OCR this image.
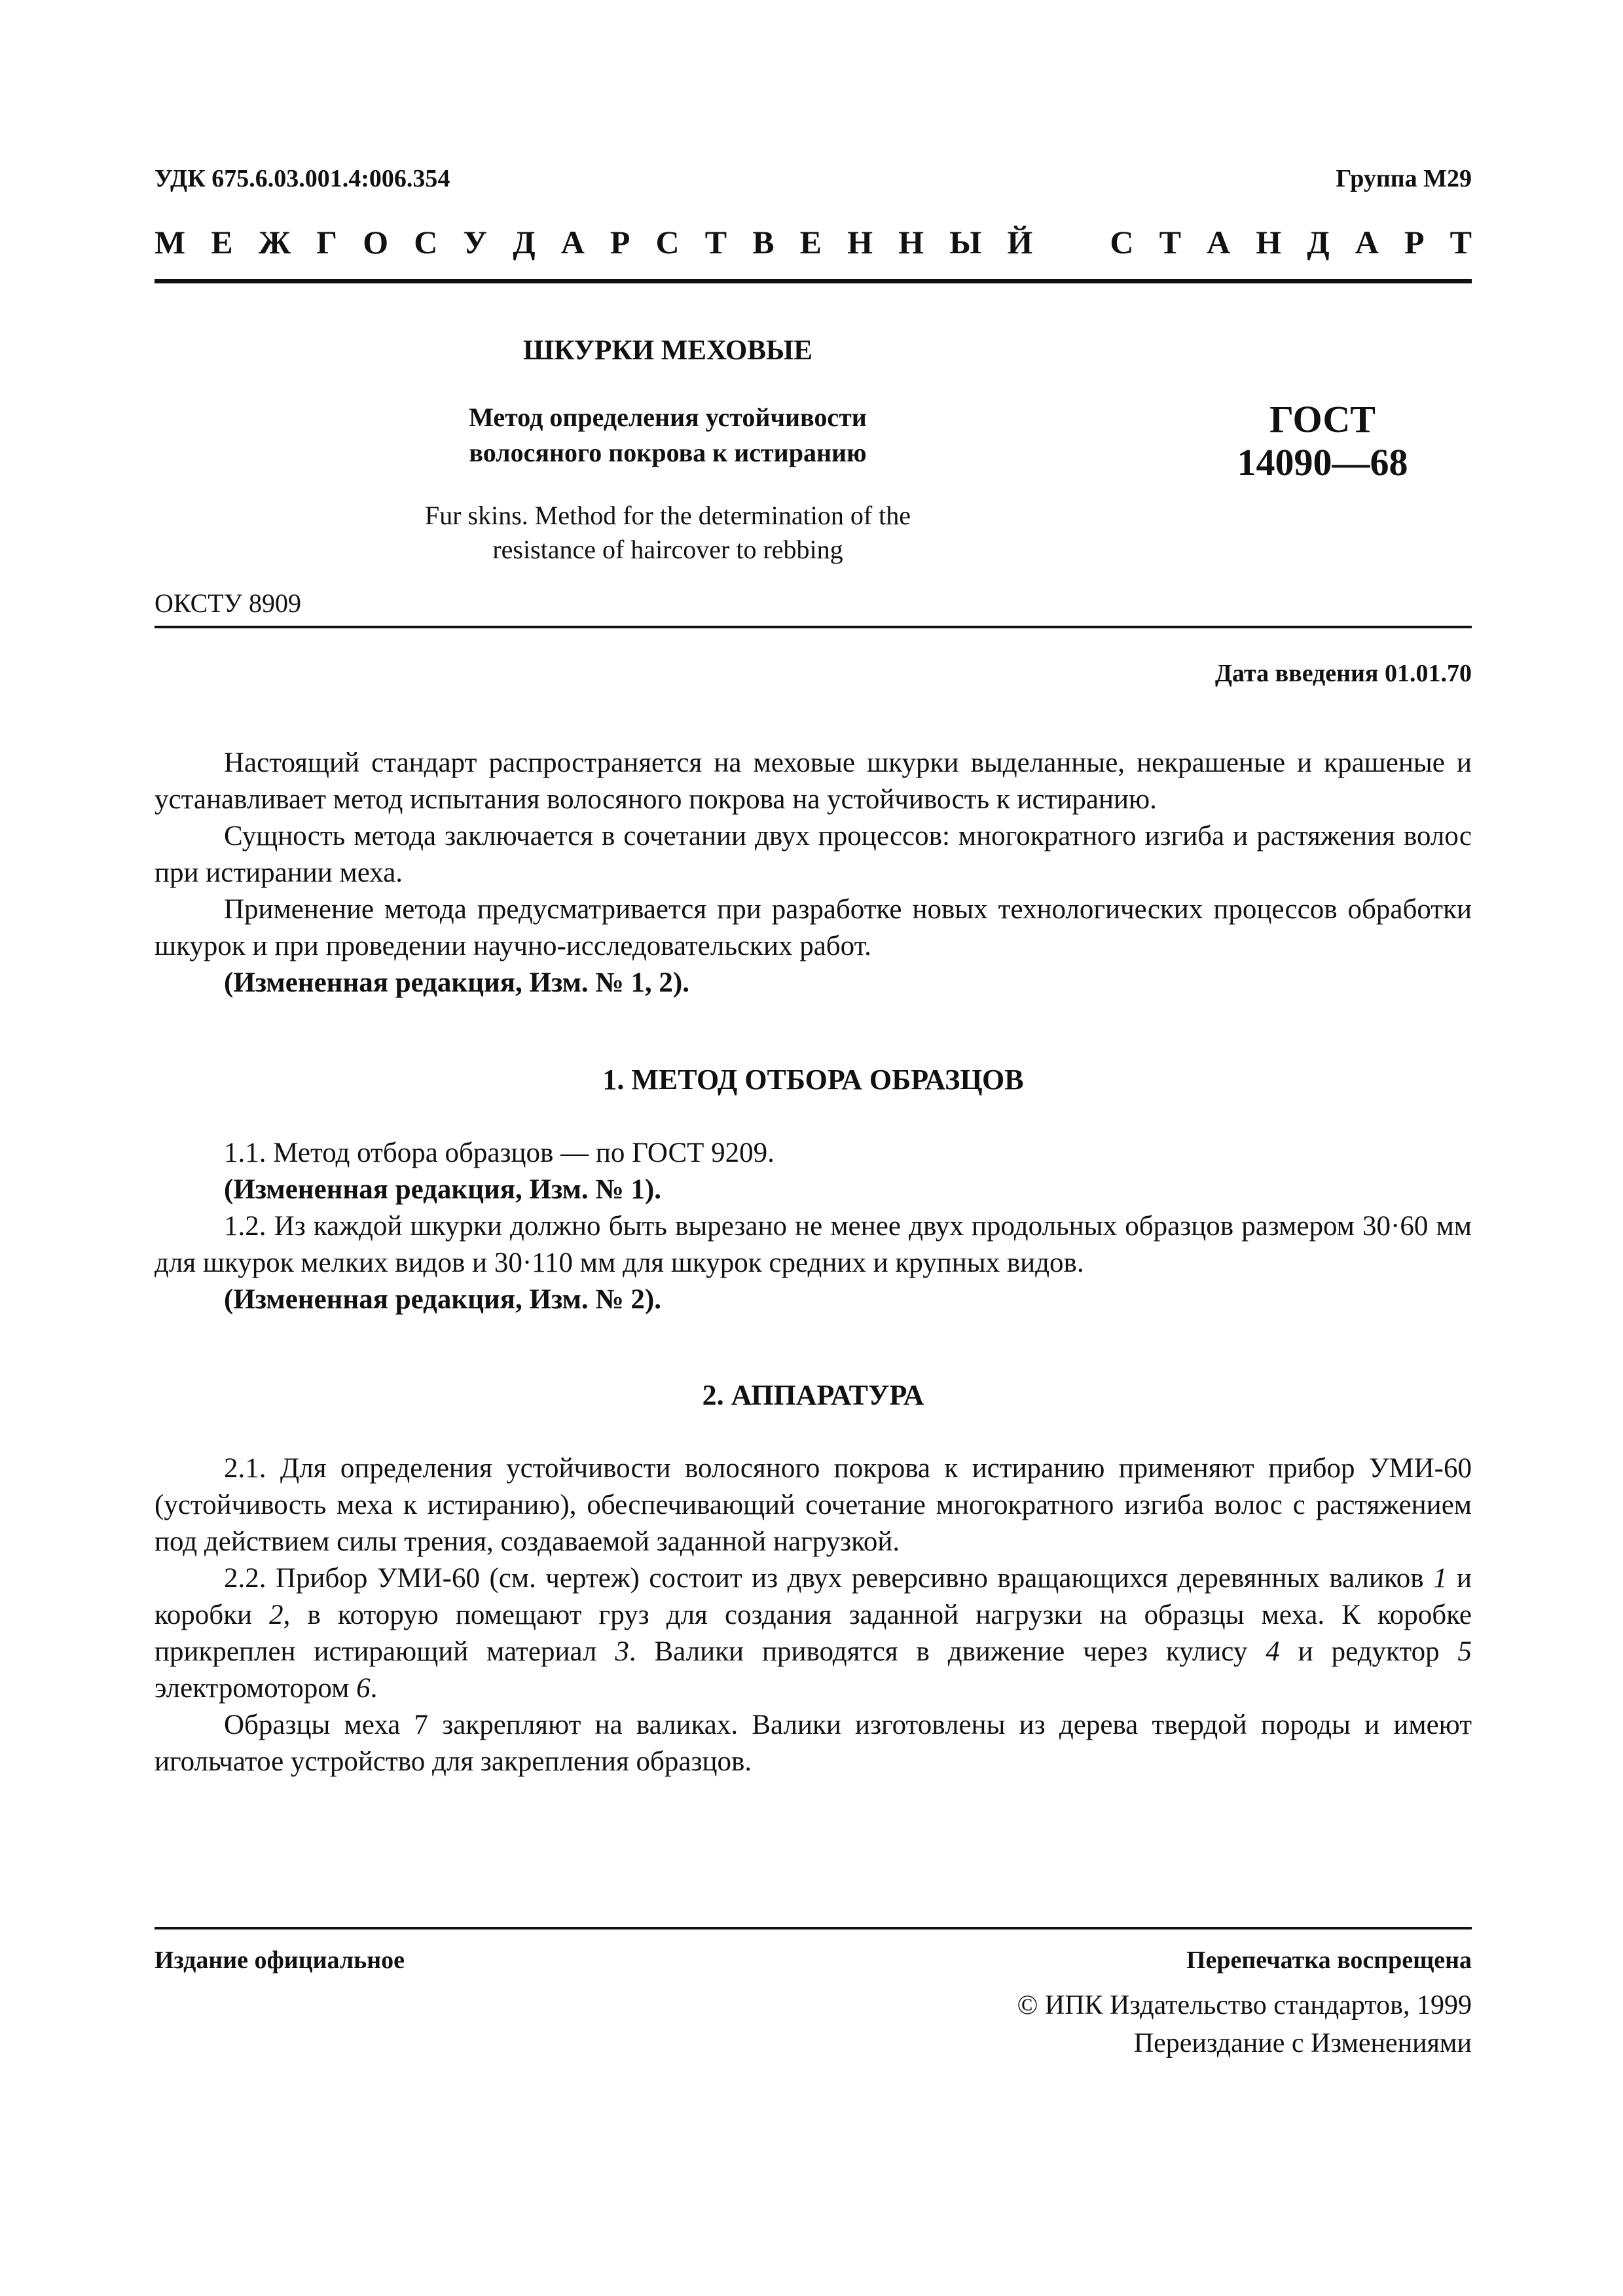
УДК 675.6.03.001.4:006.354	Группа М29
М Е Ж Г О С У Д А Р С Т В Е Н Н Ы Й С Т А Н Д А Р Т
ШКУРКИ МЕХОВЫЕ
Метод определения устойчивости
волосяного покрова к истиранию
ГОСТ
14090—68
Fur skins. Method for the determination of the
resistance of haircover to rebbing
ОКСТУ 8909
Дата введения 01.01.70

Настоящий стандарт распространяется на меховые шкурки выделанные, некрашеные и крашеные и устанавливает метод испытания волосяного покрова на устойчивость к истиранию.

Сущность метода заключается в сочетании двух процессов: многократного изгиба и растяжения волос при истирании меха.

Применение метода предусматривается при разработке новых технологических процессов обработки шкурок и при проведении научно-исследовательских работ.

(Измененная редакция, Изм. № 1, 2).

1. МЕТОД ОТБОРА ОБРАЗЦОВ

1.1. Метод отбора образцов — по ГОСТ 9209.

(Измененная редакция, Изм. № 1).

1.2. Из каждой шкурки должно быть вырезано не менее двух продольных образцов размером 30·60 мм для шкурок мелких видов и 30·110 мм для шкурок средних и крупных видов.

(Измененная редакция, Изм. № 2).

2. АППАРАТУРА

2.1. Для определения устойчивости волосяного покрова к истиранию применяют прибор УМИ-60 (устойчивость меха к истиранию), обеспечивающий сочетание многократного изгиба волос с растяжением под действием силы трения, создаваемой заданной нагрузкой.

2.2. Прибор УМИ-60 (см. чертеж) состоит из двух реверсивно вращающихся деревянных валиков 1 и коробки 2, в которую помещают груз для создания заданной нагрузки на образцы меха. К коробке прикреплен истирающий материал 3. Валики приводятся в движение через кулису 4 и редуктор 5 электромотором 6.

Образцы меха 7 закрепляют на валиках. Валики изготовлены из дерева твердой породы и имеют игольчатое устройство для закрепления образцов.

Издание официальное	Перепечатка воспрещена
© ИПК Издательство стандартов, 1999
Переиздание с Изменениями
